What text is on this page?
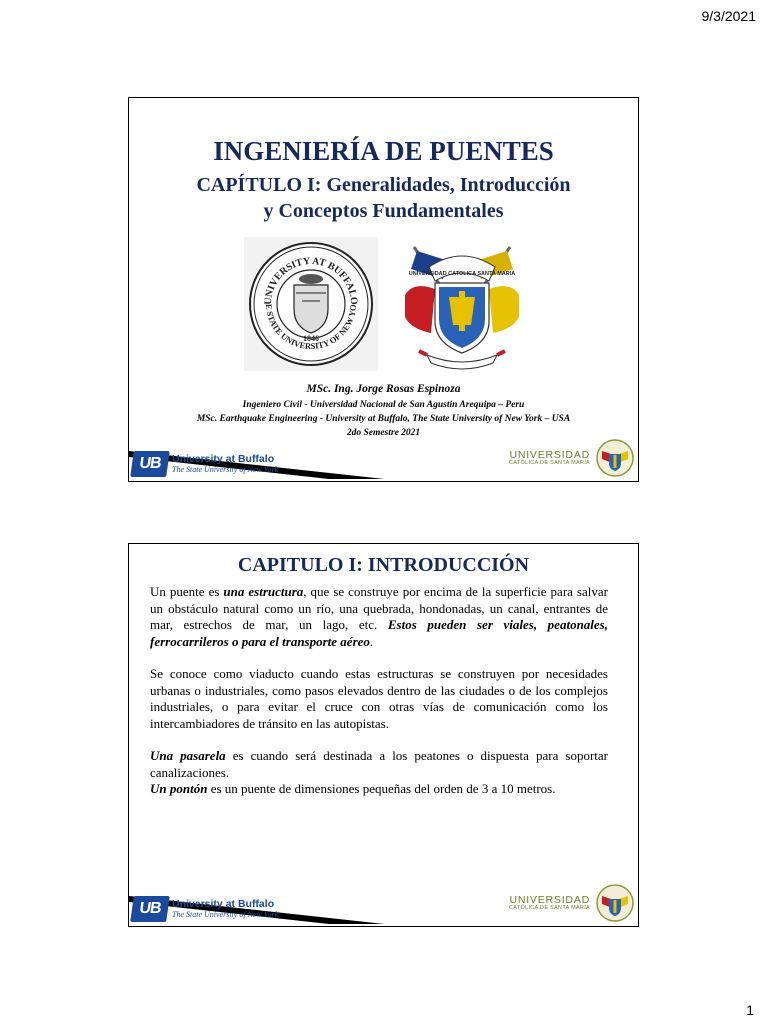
9/3/2021
INGENIERÍA DE PUENTES
CAPÍTULO I: Generalidades, Introducción
y Conceptos Fundamentales
UNIVERSITY AT BUFFALO
E STATE UNIVERSITY OF NEW YO
1846
UNIVERSIDAD CATOLICA SANTA MARIA
MSc. Ing. Jorge Rosas Espinoza
Ingeniero Civil - Universidad Nacional de San Agustin Arequipa – Peru
MSc. Earthquake Engineering - University at Buffalo, The State University of New York – USA
2do Semestre 2021
UB University at Buffalo
The State University of New York
UNIVERSIDAD
CATÓLICA DE SANTA MARÍA
CAPITULO I: INTRODUCCIÓN

Un puente es una estructura, que se construye por encima de la superficie para salvar un obstáculo natural como un río, una quebrada, hondonadas, un canal, entrantes de mar, estrechos de mar, un lago, etc. Estos pueden ser viales, peatonales, ferrocarrileros o para el transporte aéreo.

Se conoce como viaducto cuando estas estructuras se construyen por necesidades urbanas o industriales, como pasos elevados dentro de las ciudades o de los complejos industriales, o para evitar el cruce con otras vías de comunicación como los intercambiadores de tránsito en las autopistas.

Una pasarela es cuando será destinada a los peatones o dispuesta para soportar canalizaciones.

Un pontón es un puente de dimensiones pequeñas del orden de 3 a 10 metros.

UB University at Buffalo
The State University of New York
UNIVERSIDAD
CATÓLICA DE SANTA MARÍA
1
